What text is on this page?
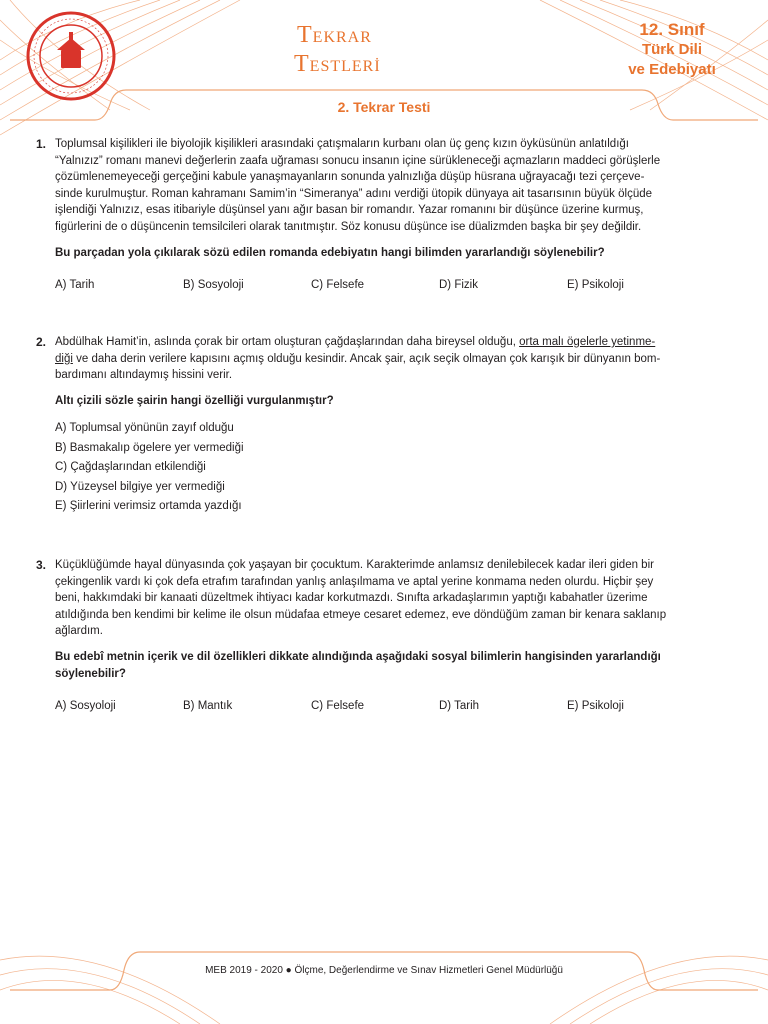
TEKRAR
TESTLERİ
12. Sınıf
Türk Dili
ve Edebiyatı
2. Tekrar Testi
1. Toplumsal kişilikleri ile biyolojik kişilikleri arasındaki çatışmaların kurbanı olan üç genç kızın öyküsünün anlatıldığı
“Yalnızız” romanı manevi değerlerin zaafa uğraması sonucu insanın içine sürükleneceği açmazların maddeci görüşlerle
çözümlenemeyeceği gerçeğini kabule yanaşmayanların sonunda yalnızlığa düşüp hüsrana uğrayacağı tezi çerçeve-
sinde kurulmuştur. Roman kahramanı Samim’in “Simeranya” adını verdiği ütopik dünyaya ait tasarısının büyük ölçüde
işlendiği Yalnızız, esas itibariyle düşünsel yanı ağır basan bir romandır. Yazar romanını bir düşünce üzerine kurmuş,
figürlerini de o düşüncenin temsilcileri olarak tanıtmıştır. Söz konusu düşünce ise düalizmden başka bir şey değildir.
Bu parçadan yola çıkılarak sözü edilen romanda edebiyatın hangi bilimden yararlandığı söylenebilir?
A) Tarih	B) Sosyoloji	C) Felsefe	D) Fizik	E) Psikoloji
2. Abdülhak Hamit’in, aslında çorak bir ortam oluşturan çağdaşlarından daha bireysel olduğu, orta malı ögelerle yetinme-
diği ve daha derin verilere kapısını açmış olduğu kesindir. Ancak şair, açık seçik olmayan çok karışık bir dünyanın bom-
bardımanı altındaymış hissini verir.
Altı çizili sözle şairin hangi özelliği vurgulanmıştır?
A) Toplumsal yönünün zayıf olduğu
B) Basmakalıp ögelere yer vermediği
C) Çağdaşlarından etkilendiği
D) Yüzeysel bilgiye yer vermediği
E) Şiirlerini verimsiz ortamda yazdığı
3. Küçüklüğümde hayal dünyasında çok yaşayan bir çocuktum. Karakterimde anlamsız denilebilecek kadar ileri giden bir
çekingenlik vardı ki çok defa etrafım tarafından yanlış anlaşılmama ve aptal yerine konmama neden olurdu. Hiçbir şey
beni, hakkımdaki bir kanaati düzeltmek ihtiyacı kadar korkutmazdı. Sınıfta arkadaşlarımın yaptığı kabahatler üzerime
atıldığında ben kendimi bir kelime ile olsun müdafaa etmeye cesaret edemez, eve döndüğüm zaman bir kenara saklanıp
ağlardım.
Bu edebî metnin içerik ve dil özellikleri dikkate alındığında aşağıdaki sosyal bilimlerin hangisinden yararlandığı
söylenebilir?
A) Sosyoloji	B) Mantık	C) Felsefe	D) Tarih	E) Psikoloji
MEB 2019 - 2020 ● Ölçme, Değerlendirme ve Sınav Hizmetleri Genel Müdürlüğü
